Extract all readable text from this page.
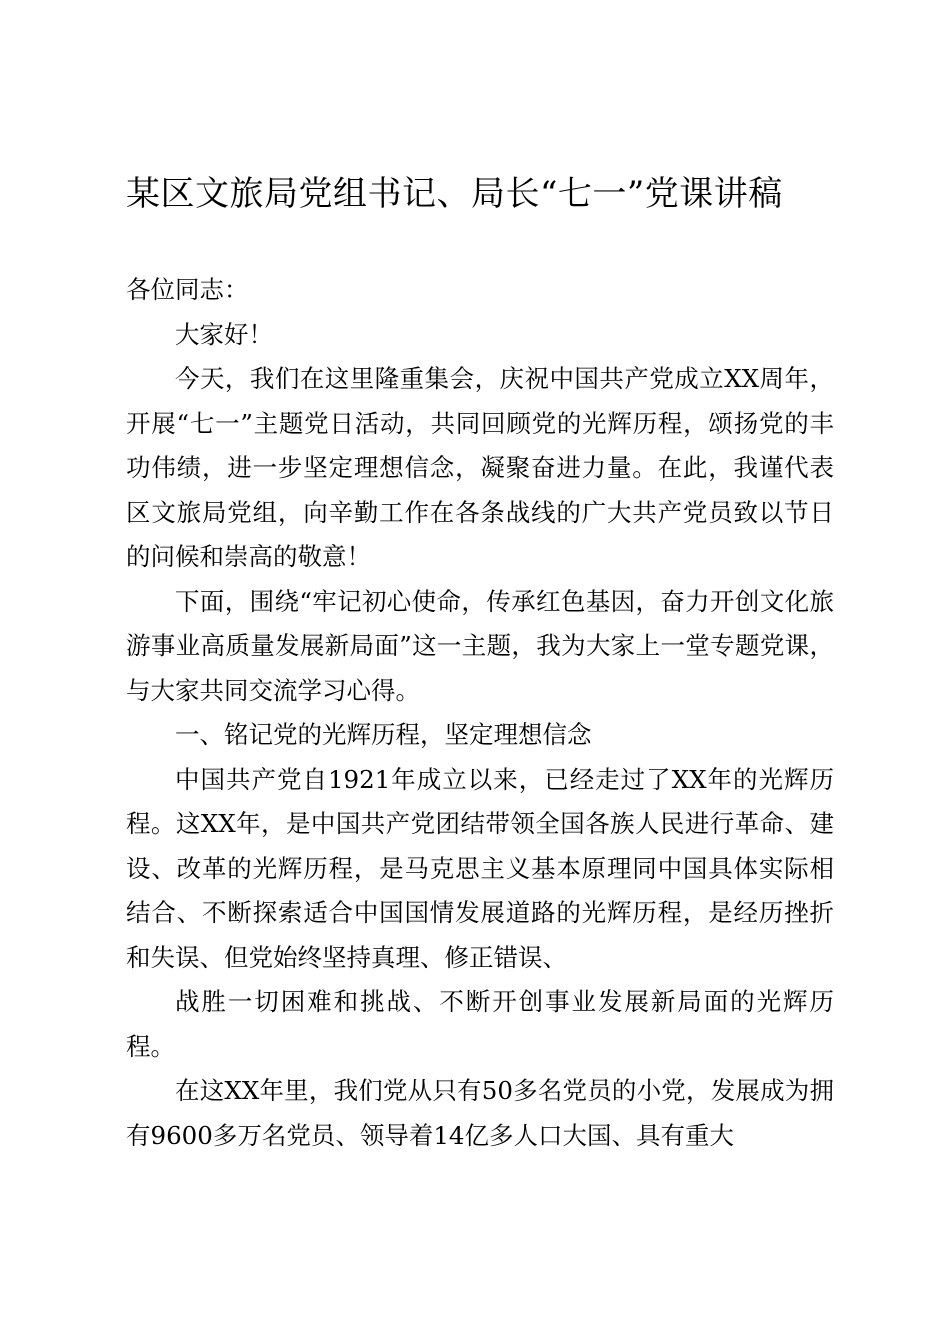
某区文旅局党组书记、局长“七一”党课讲稿

各位同志：

大家好！

今天，我们在这里隆重集会，庆祝中国共产党成立XX周年，开展“七一”主题党日活动，共同回顾党的光辉历程，颂扬党的丰功伟绩，进一步坚定理想信念，凝聚奋进力量。在此，我谨代表区文旅局党组，向辛勤工作在各条战线的广大共产党员致以节日的问候和崇高的敬意！

下面，围绕“牢记初心使命，传承红色基因，奋力开创文化旅游事业高质量发展新局面”这一主题，我为大家上一堂专题党课，与大家共同交流学习心得。

一、铭记党的光辉历程，坚定理想信念

中国共产党自1921年成立以来，已经走过了XX年的光辉历程。这XX年，是中国共产党团结带领全国各族人民进行革命、建设、改革的光辉历程，是马克思主义基本原理同中国具体实际相结合、不断探索适合中国国情发展道路的光辉历程，是经历挫折和失误、但党始终坚持真理、修正错误、

战胜一切困难和挑战、不断开创事业发展新局面的光辉历程。

在这XX年里，我们党从只有50多名党员的小党，发展成为拥有9600多万名党员、领导着14亿多人口大国、具有重大
